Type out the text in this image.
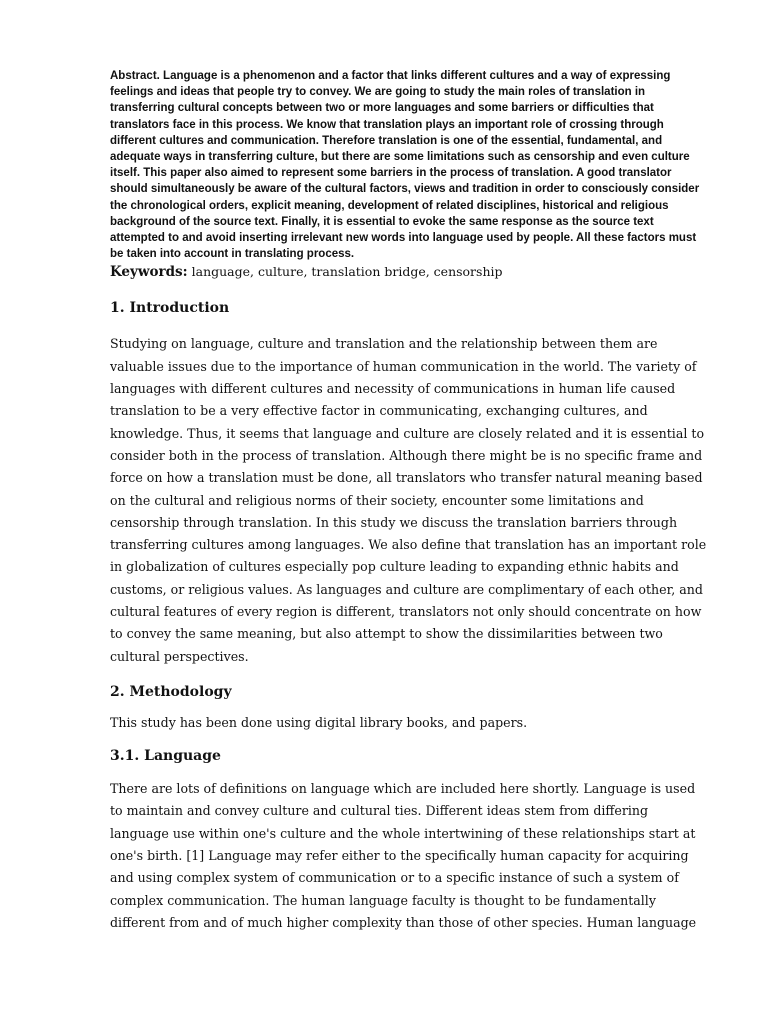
Abstract. Language is a phenomenon and a factor that links different cultures and a way of expressing feelings and ideas that people try to convey. We are going to study the main roles of translation in transferring cultural concepts between two or more languages and some barriers or difficulties that translators face in this process. We know that translation plays an important role of crossing through different cultures and communication. Therefore translation is one of the essential, fundamental, and adequate ways in transferring culture, but there are some limitations such as censorship and even culture itself. This paper also aimed to represent some barriers in the process of translation. A good translator should simultaneously be aware of the cultural factors, views and tradition in order to consciously consider the chronological orders, explicit meaning, development of related disciplines, historical and religious background of the source text. Finally, it is essential to evoke the same response as the source text attempted to and avoid inserting irrelevant new words into language used by people. All these factors must be taken into account in translating process.

Keywords: language, culture, translation bridge, censorship
1. Introduction

Studying on language, culture and translation and the relationship between them are valuable issues due to the importance of human communication in the world. The variety of languages with different cultures and necessity of communications in human life caused translation to be a very effective factor in communicating, exchanging cultures, and knowledge. Thus, it seems that language and culture are closely related and it is essential to consider both in the process of translation. Although there might be is no specific frame and force on how a translation must be done, all translators who transfer natural meaning based on the cultural and religious norms of their society, encounter some limitations and censorship through translation. In this study we discuss the translation barriers through transferring cultures among languages. We also define that translation has an important role in globalization of cultures especially pop culture leading to expanding ethnic habits and customs, or religious values. As languages and culture are complimentary of each other, and cultural features of every region is different, translators not only should concentrate on how to convey the same meaning, but also attempt to show the dissimilarities between two cultural perspectives.

2. Methodology

This study has been done using digital library books, and papers.

3.1. Language

There are lots of definitions on language which are included here shortly. Language is used to maintain and convey culture and cultural ties. Different ideas stem from differing language use within one's culture and the whole intertwining of these relationships start at one's birth. [1] Language may refer either to the specifically human capacity for acquiring and using complex system of communication or to a specific instance of such a system of complex communication. The human language faculty is thought to be fundamentally different from and of much higher complexity than those of other species. Human language
